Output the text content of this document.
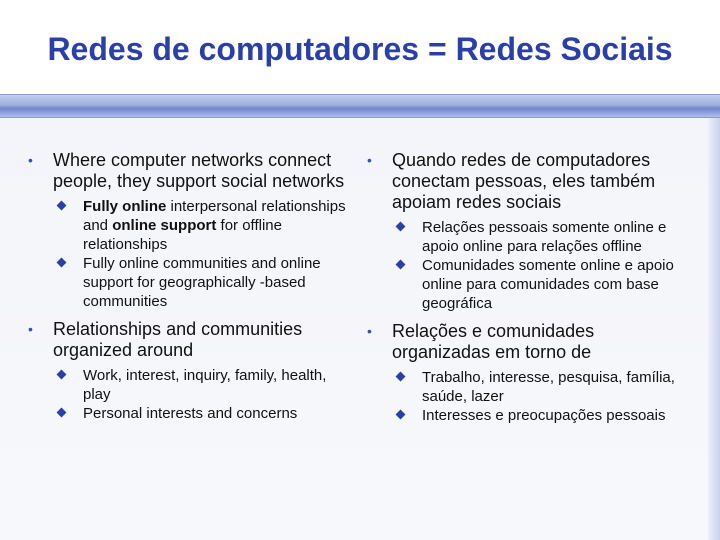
Redes de computadores = Redes Sociais

• Where computer networks connect people, they support social networks

Fully online interpersonal relationships and online support for offline relationships

Fully online communities and online support for geographically -based communities

• Relationships and communities organized around

Work, interest, inquiry, family, health, play

Personal interests and concerns

• Quando redes de computadores conectam pessoas, eles também apoiam redes sociais

Relações pessoais somente online e apoio online para relações offline

Comunidades somente online e apoio online para comunidades com base geográfica

• Relações e comunidades organizadas em torno de

Trabalho, interesse, pesquisa, família, saúde, lazer

Interesses e preocupações pessoais
